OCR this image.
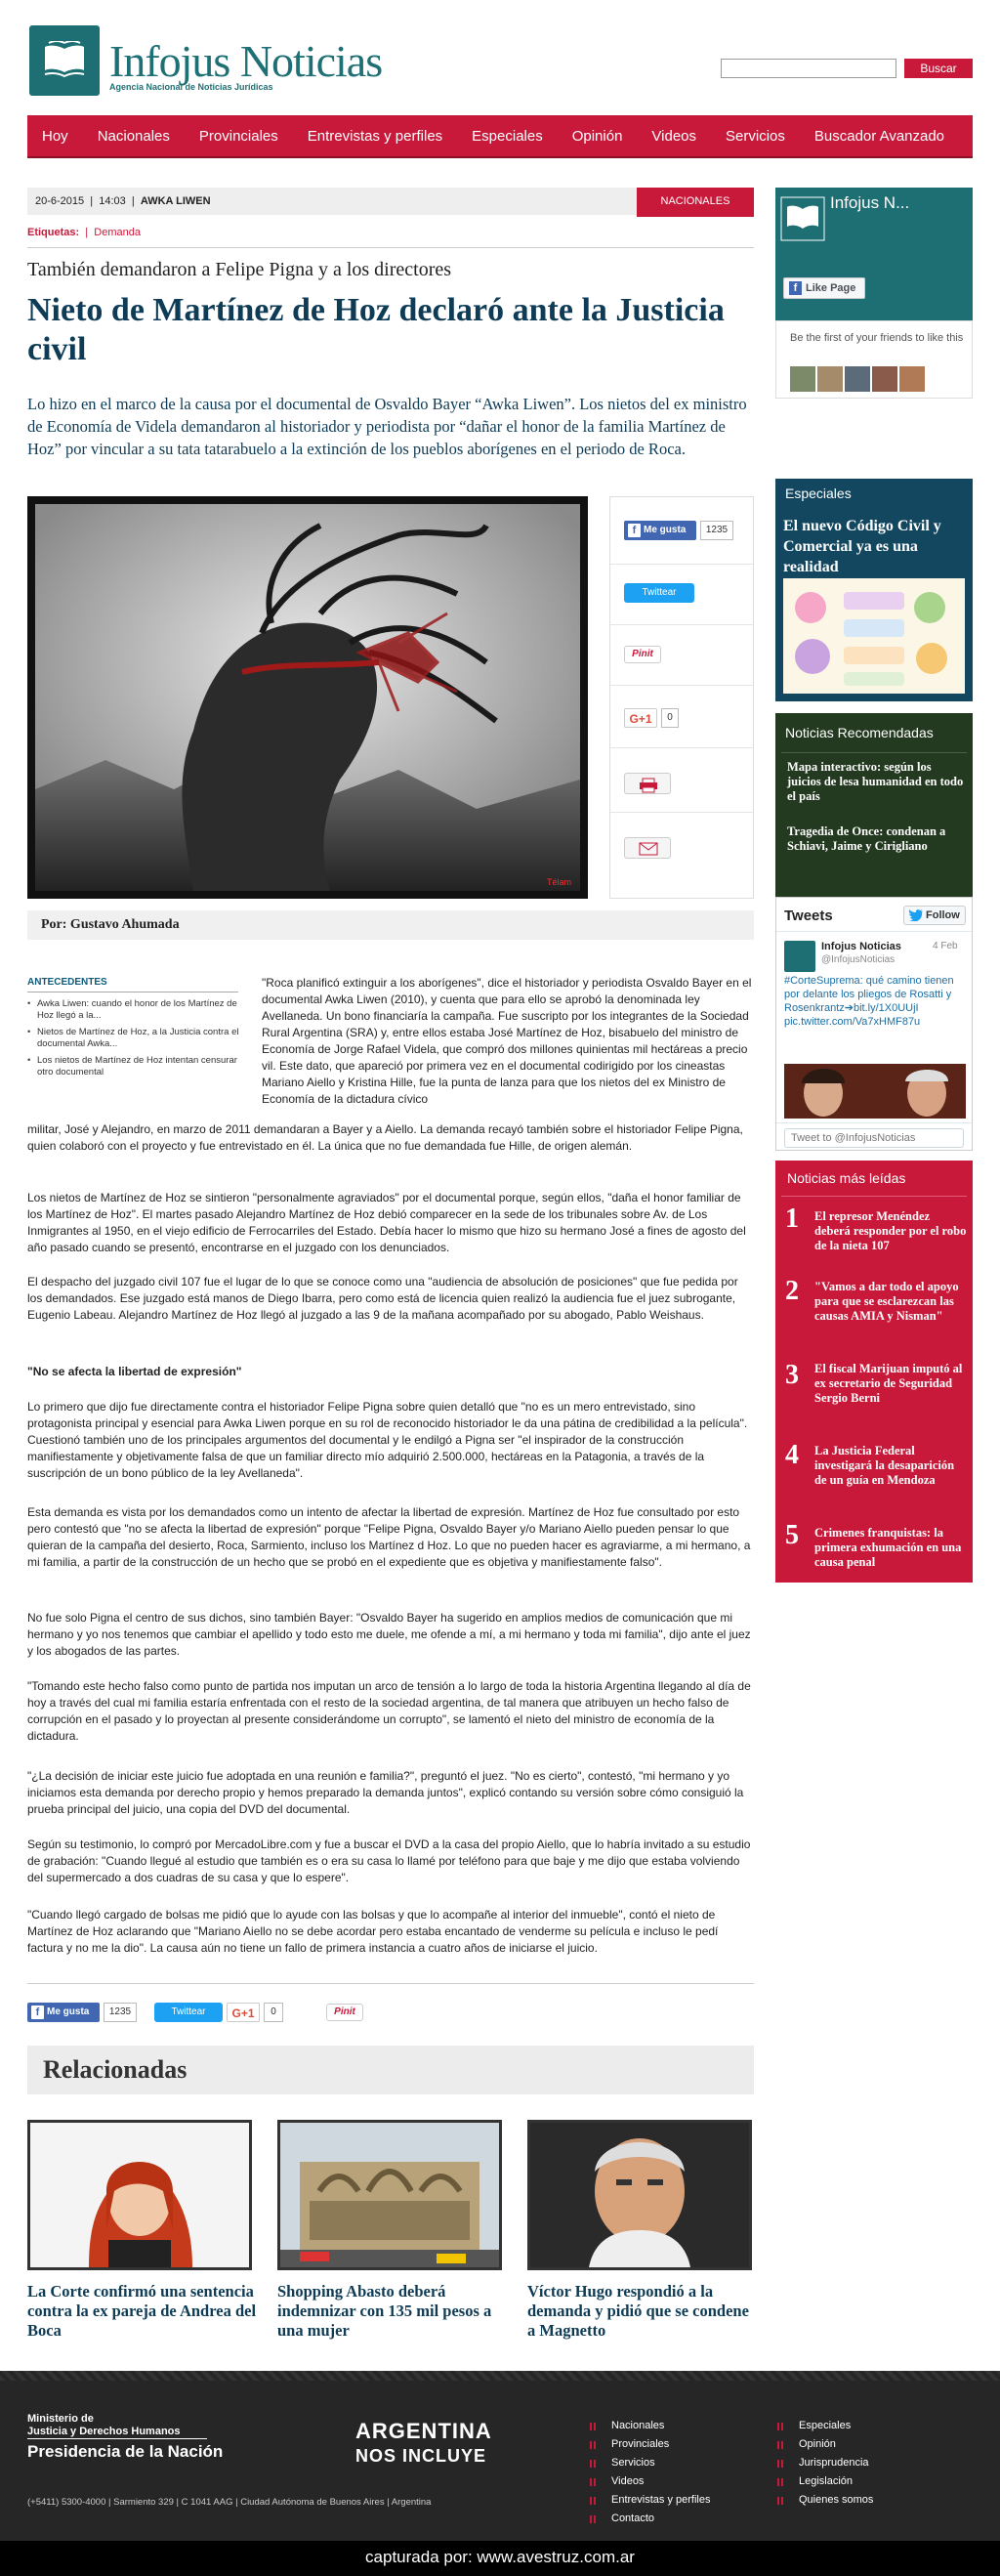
Infojus Noticias
Agencia Nacional de Noticias Jurídicas
Buscar
Hoy	Nacionales	Provinciales	Entrevistas y perfiles	Especiales	Opinión	Videos	Servicios	Buscador Avanzado
20-6-2015  |  14:03  |  AWKA LIWEN	NACIONALES
Etiquetas:  |  Demanda
También demandaron a Felipe Pigna y a los directores
Nieto de Martínez de Hoz declaró ante la Justicia civil

Lo hizo en el marco de la causa por el documental de Osvaldo Bayer “Awka Liwen”. Los nietos del ex ministro de Economía de Videla demandaron al historiador y periodista por “dañar el honor de la familia Martínez de Hoz” por vincular a su tata tatarabuelo a la extinción de los pueblos aborígenes en el periodo de Roca.

Télam
f Me gusta	1235
Twittear
Pinit
G+1	0
Por: Gustavo Ahumada
ANTECEDENTES
• Awka Liwen: cuando el honor de los Martínez de Hoz llegó a la...
• Nietos de Martínez de Hoz, a la Justicia contra el documental Awka...
• Los nietos de Martínez de Hoz intentan censurar otro documental

"Roca planificó extinguir a los aborígenes", dice el historiador y periodista Osvaldo Bayer en el documental Awka Liwen (2010), y cuenta que para ello se aprobó la denominada ley Avellaneda. Un bono financiaría la campaña. Fue suscripto por los integrantes de la Sociedad Rural Argentina (SRA) y, entre ellos estaba José Martínez de Hoz, bisabuelo del ministro de Economía de Jorge Rafael Videla, que compró dos millones quinientas mil hectáreas a precio vil. Este dato, que apareció por primera vez en el documental codirigido por los cineastas Mariano Aiello y Kristina Hille, fue la punta de lanza para que los nietos del ex Ministro de Economía de la dictadura cívico

militar, José y Alejandro, en marzo de 2011 demandaran a Bayer y a Aiello. La demanda recayó también sobre el historiador Felipe Pigna, quien colaboró con el proyecto y fue entrevistado en él. La única que no fue demandada fue Hille, de origen alemán.

Los nietos de Martínez de Hoz se sintieron "personalmente agraviados" por el documental porque, según ellos, "daña el honor familiar de los Martínez de Hoz". El martes pasado Alejandro Martínez de Hoz debió comparecer en la sede de los tribunales sobre Av. de Los Inmigrantes al 1950, en el viejo edificio de Ferrocarriles del Estado. Debía hacer lo mismo que hizo su hermano José a fines de agosto del año pasado cuando se presentó, encontrarse en el juzgado con los denunciados.

El despacho del juzgado civil 107 fue el lugar de lo que se conoce como una "audiencia de absolución de posiciones" que fue pedida por los demandados. Ese juzgado está manos de Diego Ibarra, pero como está de licencia quien realizó la audiencia fue el juez subrogante, Eugenio Labeau. Alejandro Martínez de Hoz llegó al juzgado a las 9 de la mañana acompañado por su abogado, Pablo Weishaus.

"No se afecta la libertad de expresión"

Lo primero que dijo fue directamente contra el historiador Felipe Pigna sobre quien detalló que "no es un mero entrevistado, sino protagonista principal y esencial para Awka Liwen porque en su rol de reconocido historiador le da una pátina de credibilidad a la película". Cuestionó también uno de los principales argumentos del documental y le endilgó a Pigna ser "el inspirador de la construcción manifiestamente y objetivamente falsa de que un familiar directo mío adquirió 2.500.000, hectáreas en la Patagonia, a través de la suscripción de un bono público de la ley Avellaneda".

Esta demanda es vista por los demandados como un intento de afectar la libertad de expresión. Martínez de Hoz fue consultado por esto pero contestó que "no se afecta la libertad de expresión" porque "Felipe Pigna, Osvaldo Bayer y/o Mariano Aiello pueden pensar lo que quieran de la campaña del desierto, Roca, Sarmiento, incluso los Martínez d Hoz. Lo que no pueden hacer es agraviarme, a mi hermano, a mi familia, a partir de la construcción de un hecho que se probó en el expediente que es objetiva y manifiestamente falso".

No fue solo Pigna el centro de sus dichos, sino también Bayer: "Osvaldo Bayer ha sugerido en amplios medios de comunicación que mi hermano y yo nos tenemos que cambiar el apellido y todo esto me duele, me ofende a mí, a mi hermano y toda mi familia", dijo ante el juez y los abogados de las partes.

"Tomando este hecho falso como punto de partida nos imputan un arco de tensión a lo largo de toda la historia Argentina llegando al día de hoy a través del cual mi familia estaría enfrentada con el resto de la sociedad argentina, de tal manera que atribuyen un hecho falso de corrupción en el pasado y lo proyectan al presente considerándome un corrupto", se lamentó el nieto del ministro de economía de la dictadura.

"¿La decisión de iniciar este juicio fue adoptada en una reunión e familia?", preguntó el juez. "No es cierto", contestó, "mi hermano y yo iniciamos esta demanda por derecho propio y hemos preparado la demanda juntos", explicó contando su versión sobre cómo consiguió la prueba principal del juicio, una copia del DVD del documental.

Según su testimonio, lo compró por MercadoLibre.com y fue a buscar el DVD a la casa del propio Aiello, que lo habría invitado a su estudio de grabación: "Cuando llegué al estudio que también es o era su casa lo llamé por teléfono para que baje y me dijo que estaba volviendo del supermercado a dos cuadras de su casa y que lo espere".

"Cuando llegó cargado de bolsas me pidió que lo ayude con las bolsas y que lo acompañe al interior del inmueble", contó el nieto de Martínez de Hoz aclarando que "Mariano Aiello no se debe acordar pero estaba encantado de venderme su película e incluso le pedí factura y no me la dio". La causa aún no tiene un fallo de primera instancia a cuatro años de iniciarse el juicio.

f Me gusta	1235	Twittear	G+1	0	Pinit
Relacionadas
La Corte confirmó una sentencia contra la ex pareja de Andrea del Boca
Shopping Abasto deberá indemnizar con 135 mil pesos a una mujer
Víctor Hugo respondió a la demanda y pidió que se condene a Magnetto
Infojus N...
f Like Page
Be the first of your friends to like this
Especiales
El nuevo Código Civil y Comercial ya es una realidad
Noticias Recomendadas
Mapa interactivo: según los juicios de lesa humanidad en todo el país
Tragedia de Once: condenan a Schiavi, Jaime y Cirigliano
Tweets	Follow
Infojus Noticias	4 Feb
@InfojusNoticias
#CorteSuprema: qué camino tienen por delante los pliegos de Rosatti y Rosenkrantz➔bit.ly/1X0UUjI pic.twitter.com/Va7xHMF87u
Tweet to @InfojusNoticias
Noticias más leídas
1 El represor Menéndez deberá responder por el robo de la nieta 107
2 "Vamos a dar todo el apoyo para que se esclarezcan las causas AMIA y Nisman"
3 El fiscal Marijuan imputó al ex secretario de Seguridad Sergio Berni
4 La Justicia Federal investigará la desaparición de un guía en Mendoza
5 Crimenes franquistas: la primera exhumación en una causa penal
Ministerio de
Justicia y Derechos Humanos
Presidencia de la Nación
(+5411) 5300-4000 | Sarmiento 329 | C 1041 AAG | Ciudad Autónoma de Buenos Aires | Argentina
ARGENTINA
NOS INCLUYE
Nacionales
Provinciales
Servicios
Videos
Entrevistas y perfiles
Contacto
Especiales
Opinión
Jurisprudencia
Legislación
Quienes somos
capturada por: www.avestruz.com.ar
